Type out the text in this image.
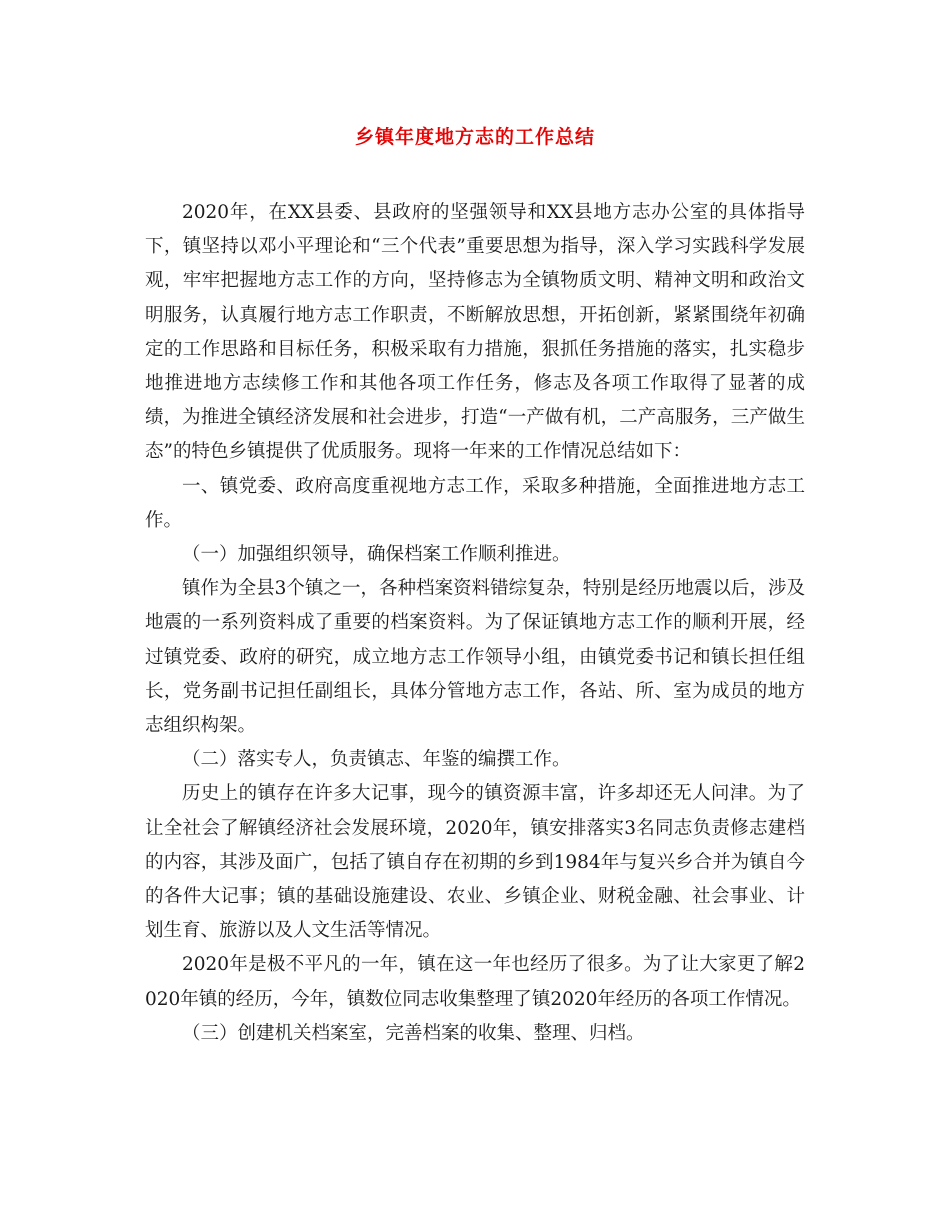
乡镇年度地方志的工作总结

2020年，在XX县委、县政府的坚强领导和XX县地方志办公室的具体指导下，镇坚持以邓小平理论和“三个代表”重要思想为指导，深入学习实践科学发展观，牢牢把握地方志工作的方向，坚持修志为全镇物质文明、精神文明和政治文明服务，认真履行地方志工作职责，不断解放思想，开拓创新，紧紧围绕年初确定的工作思路和目标任务，积极采取有力措施，狠抓任务措施的落实，扎实稳步地推进地方志续修工作和其他各项工作任务，修志及各项工作取得了显著的成绩，为推进全镇经济发展和社会进步，打造“一产做有机，二产高服务，三产做生态”的特色乡镇提供了优质服务。现将一年来的工作情况总结如下：

一、镇党委、政府高度重视地方志工作，采取多种措施，全面推进地方志工作。

（一）加强组织领导，确保档案工作顺利推进。

镇作为全县3个镇之一，各种档案资料错综复杂，特别是经历地震以后，涉及地震的一系列资料成了重要的档案资料。为了保证镇地方志工作的顺利开展，经过镇党委、政府的研究，成立地方志工作领导小组，由镇党委书记和镇长担任组长，党务副书记担任副组长，具体分管地方志工作，各站、所、室为成员的地方志组织构架。

（二）落实专人，负责镇志、年鉴的编撰工作。

历史上的镇存在许多大记事，现今的镇资源丰富，许多却还无人问津。为了让全社会了解镇经济社会发展环境，2020年，镇安排落实3名同志负责修志建档的内容，其涉及面广，包括了镇自存在初期的乡到1984年与复兴乡合并为镇自今的各件大记事；镇的基础设施建设、农业、乡镇企业、财税金融、社会事业、计划生育、旅游以及人文生活等情况。

2020年是极不平凡的一年，镇在这一年也经历了很多。为了让大家更了解2020年镇的经历，今年，镇数位同志收集整理了镇2020年经历的各项工作情况。

（三）创建机关档案室，完善档案的收集、整理、归档。
